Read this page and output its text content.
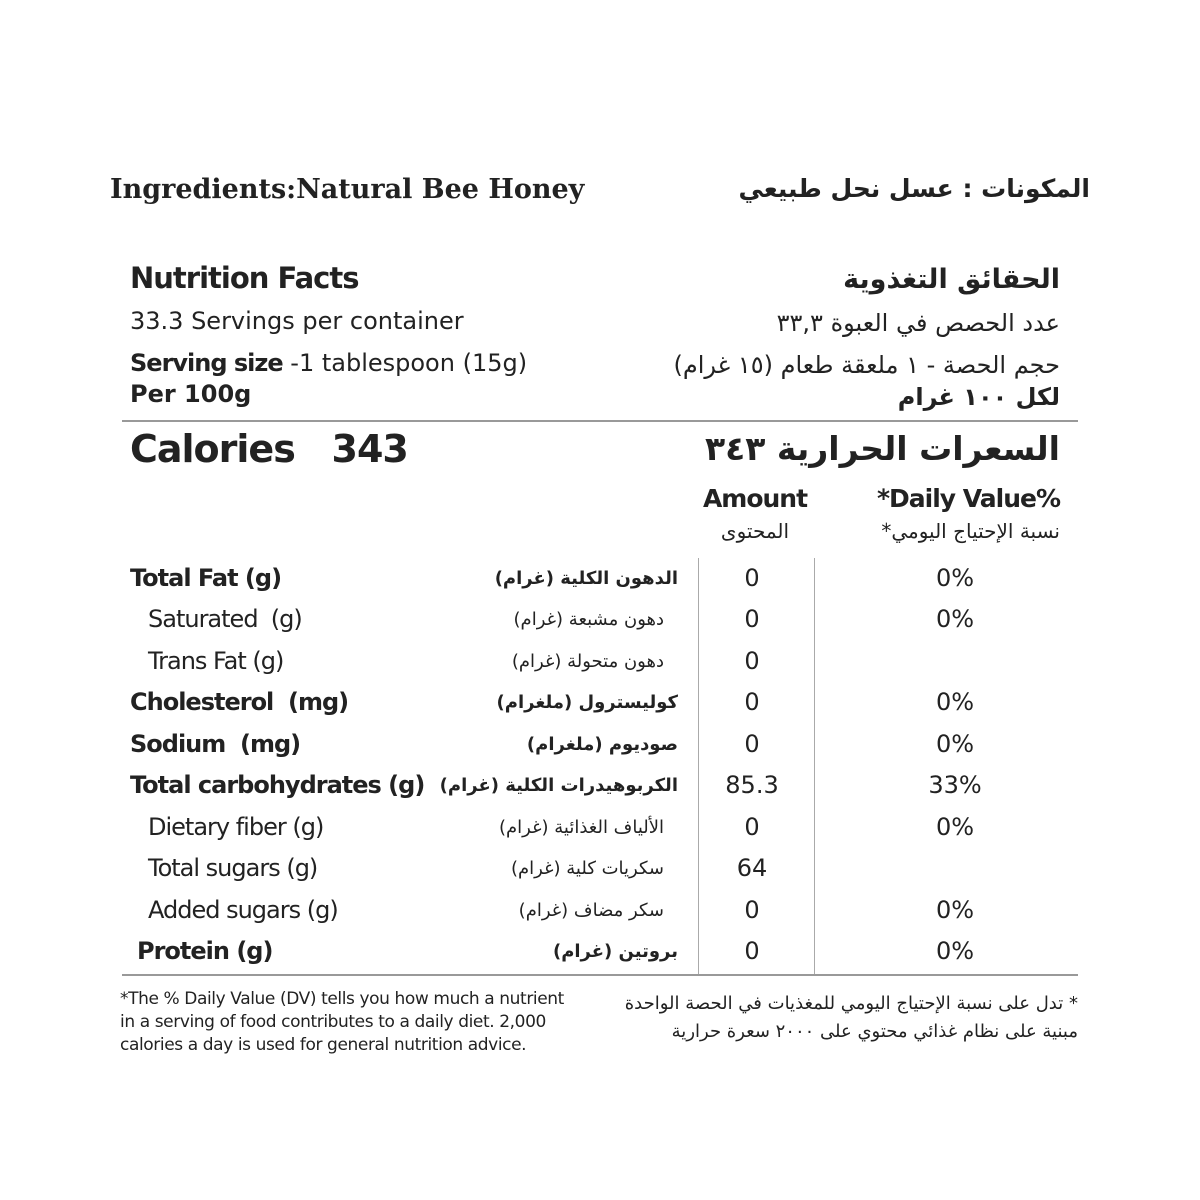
Ingredients:Natural Bee Honey	المكونات : عسل نحل طبيعي
Nutrition Facts	الحقائق التغذوية
33.3 Servings per container	عدد الحصص في العبوة ٣٣,٣
Serving size -1 tablespoon (15g)	حجم الحصة - ١ ملعقة طعام (١٥ غرام)
Per 100g	لكل ١٠٠ غرام
Calories   343	السعرات الحرارية ٣٤٣
Amount
المحتوى
*Daily Value%
نسبة الإحتياج اليومي*
Total Fat (g)	الدهون الكلية (غرام)	0	0%
Saturated  (g)	دهون مشبعة (غرام)	0	0%
Trans Fat (g)	دهون متحولة (غرام)	0
Cholesterol  (mg)	كوليسترول (ملغرام)	0	0%
Sodium  (mg)	صوديوم (ملغرام)	0	0%
Total carbohydrates (g) الكربوهيدرات الكلية (غرام)	85.3	33%
Dietary fiber (g)	الألياف الغذائية (غرام)	0	0%
Total sugars (g)	سكريات كلية (غرام)	64
Added sugars (g)	سكر مضاف (غرام)	0	0%
Protein (g)	بروتين (غرام)	0	0%
*The % Daily Value (DV) tells you how much a nutrient in a serving of food contributes to a daily diet. 2,000 calories a day is used for general nutrition advice.
* تدل على نسبة الإحتياج اليومي للمغذيات في الحصة الواحدة مبنية على نظام غذائي محتوي على ٢٠٠٠ سعرة حرارية
